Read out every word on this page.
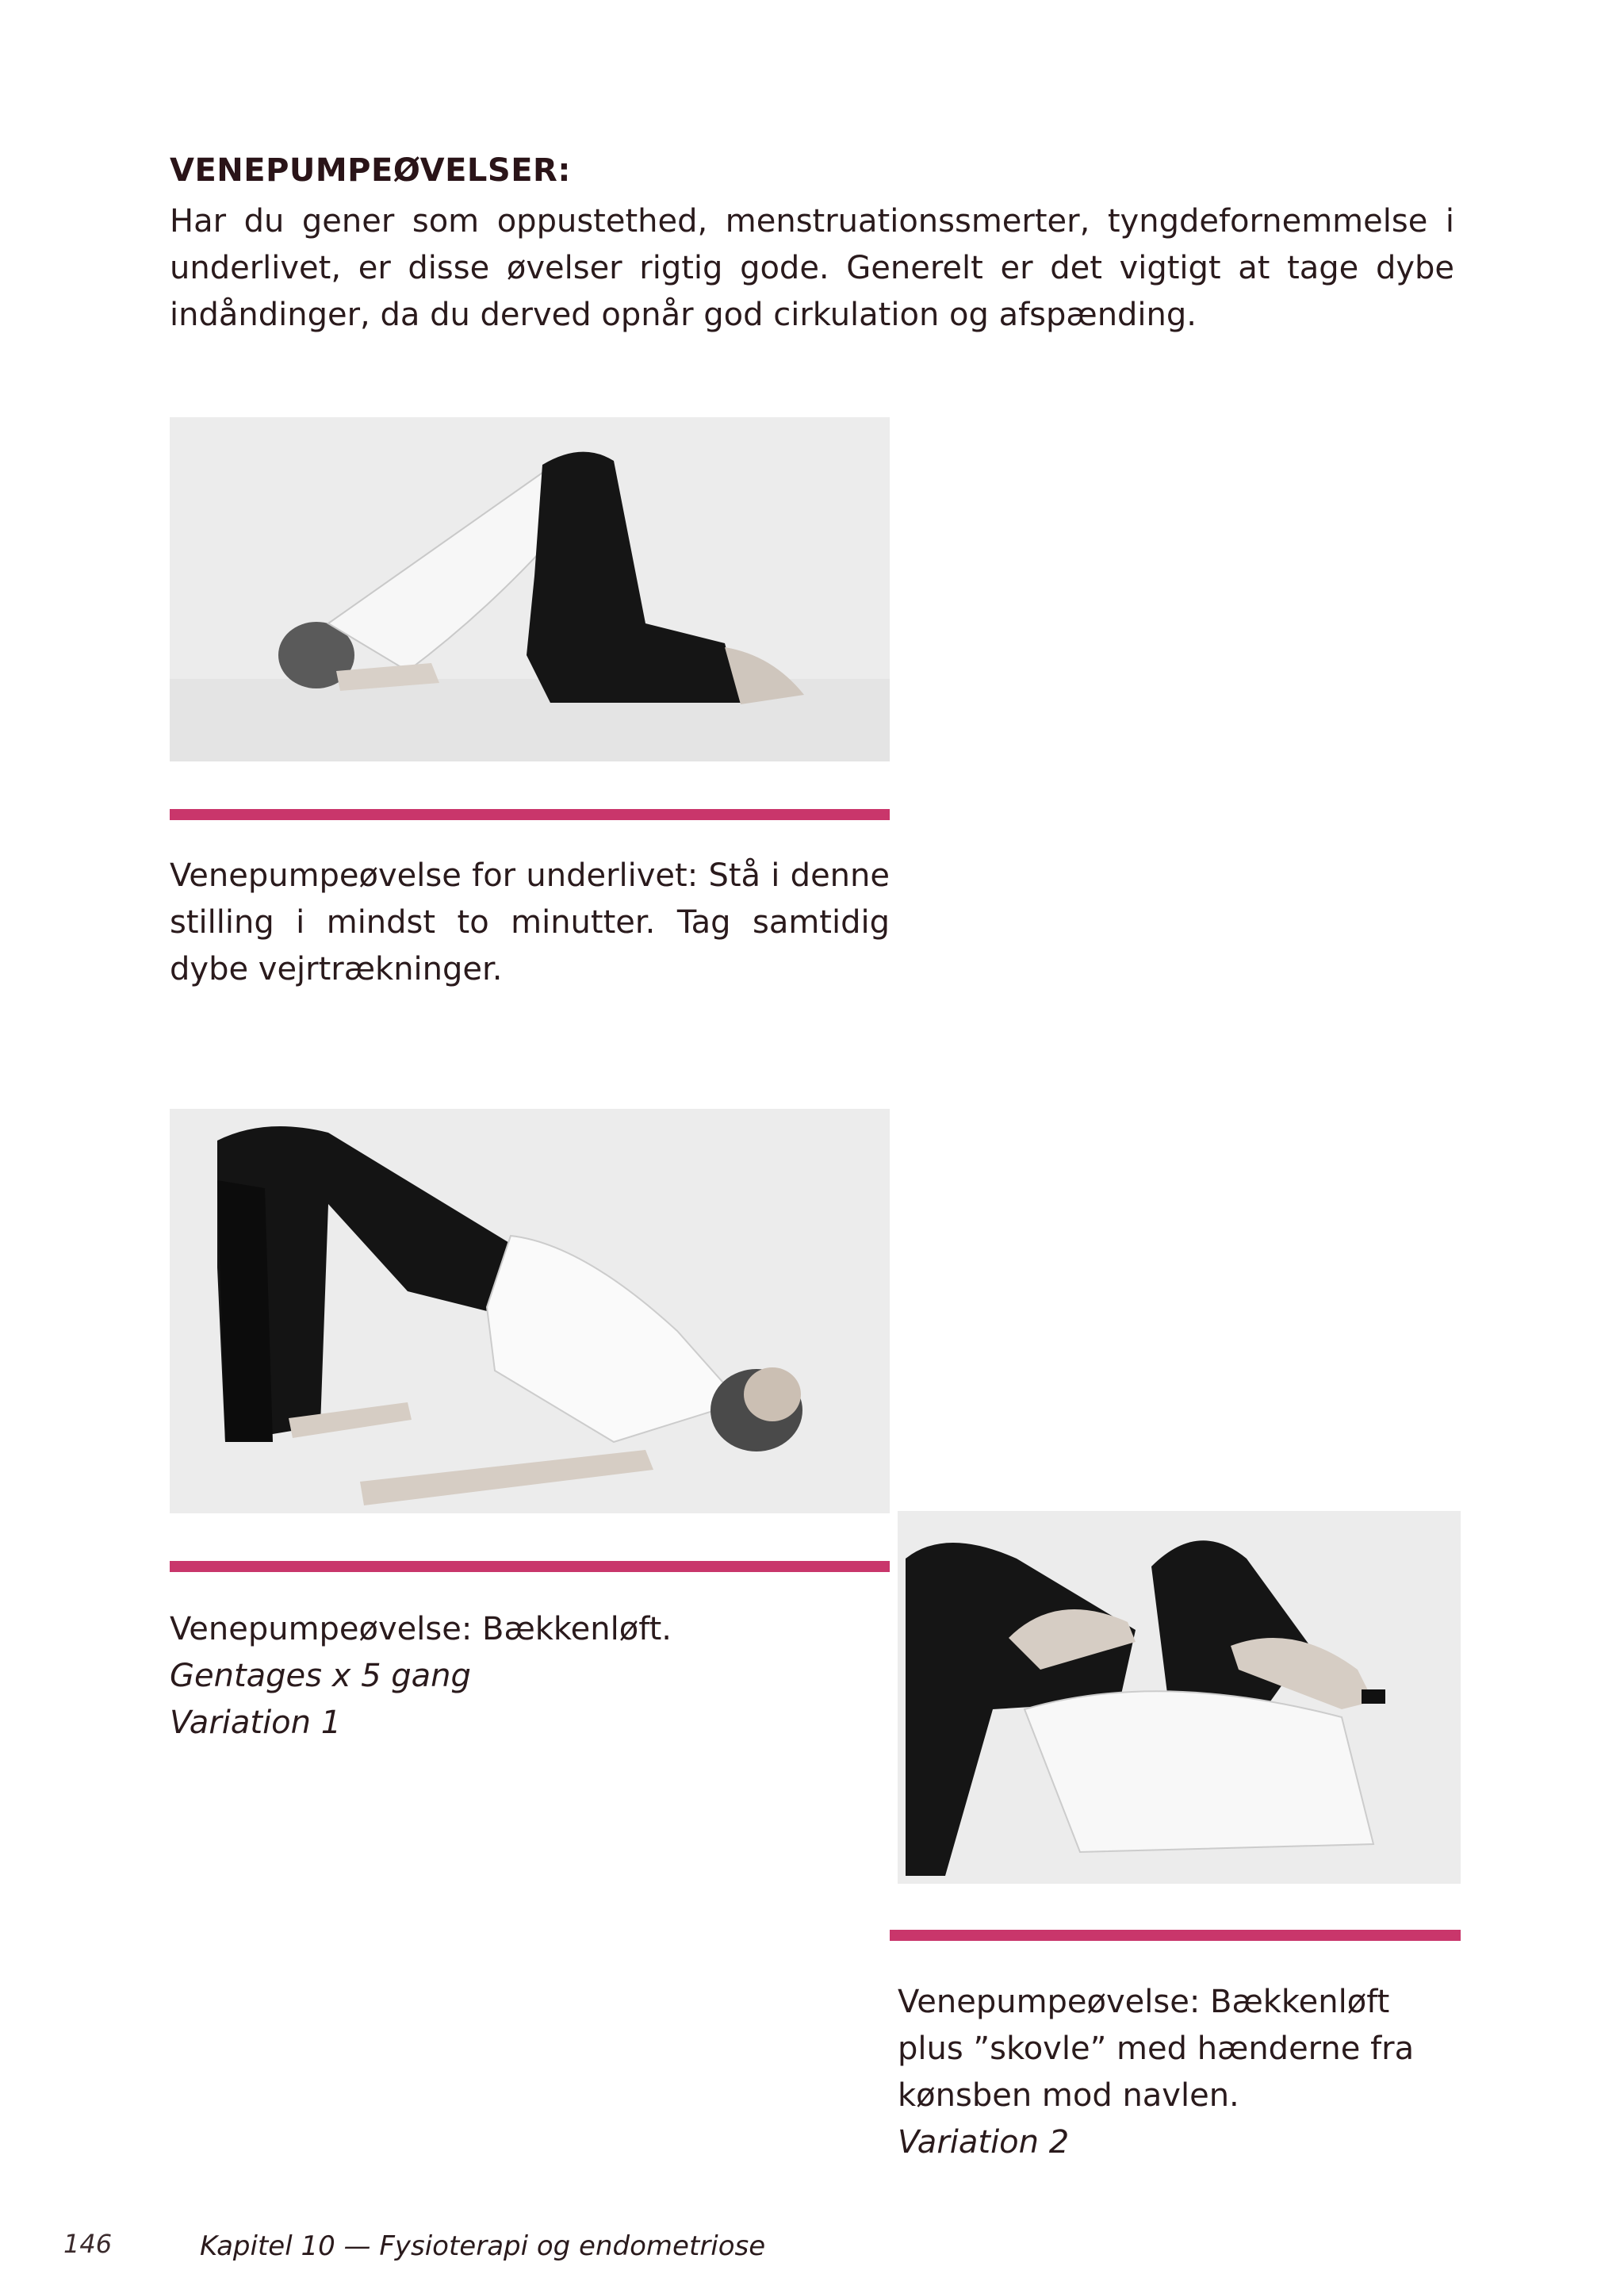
VENEPUMPEØVELSER:

Har du gener som oppustethed, menstruationssmerter, tyngdefornemmelse i underlivet, er disse øvelser rigtig gode. Generelt er det vigtigt at tage dybe indåndinger, da du derved opnår god cirkulation og afspænding.

Venepumpeøvelse for underlivet: Stå i denne stilling i mindst to minutter. Tag samtidig dybe vejrtrækninger.

Venepumpeøvelse: Bækkenløft.
Gentages x 5 gang
Variation 1

Venepumpeøvelse: Bækkenløft
plus ”skovle” med hænderne fra
kønsben mod navlen.
Variation 2

146	Kapitel 10 — Fysioterapi og endometriose
